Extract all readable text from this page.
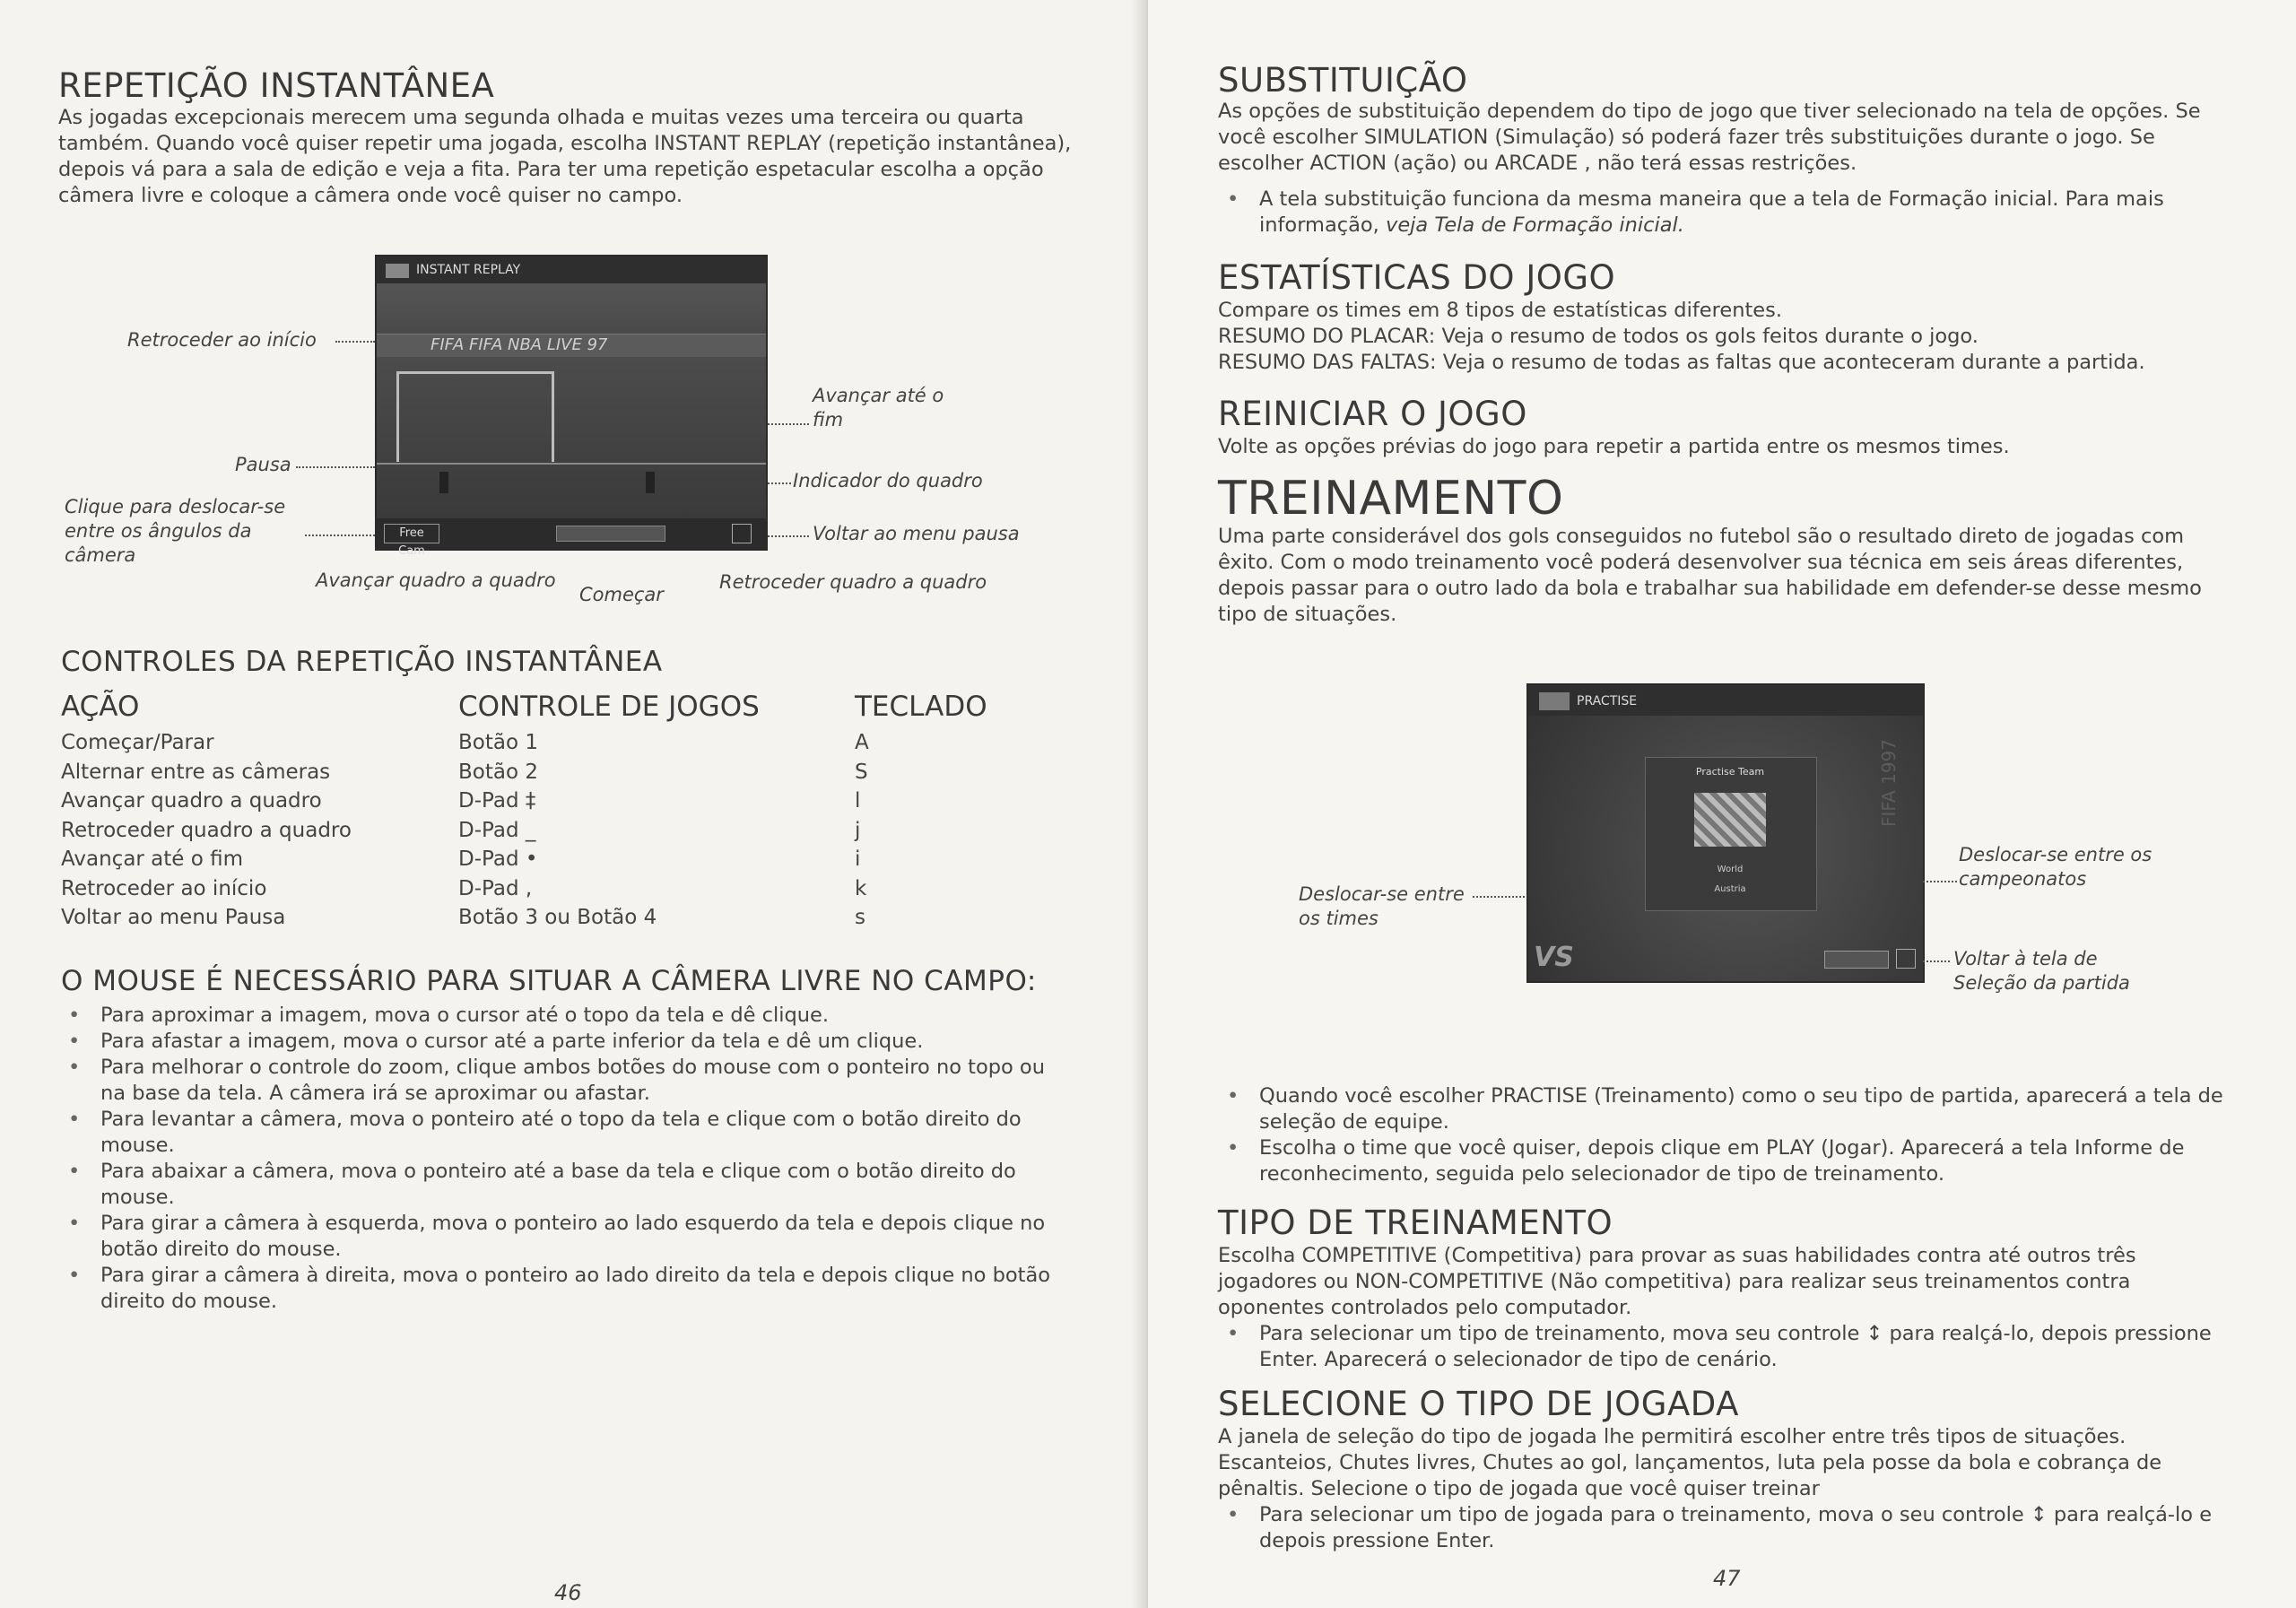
REPETIÇÃO INSTANTÂNEA

As jogadas excepcionais merecem uma segunda olhada e muitas vezes uma terceira ou quarta

também. Quando você quiser repetir uma jogada, escolha INSTANT REPLAY (repetição instantânea),

depois vá para a sala de edição e veja a fita. Para ter uma repetição espetacular escolha a opção

câmera livre e coloque a câmera onde você quiser no campo.

INSTANT REPLAY
FIFA FIFA NBA LIVE 97
Free Cam
Retroceder ao início
Pausa
Clique para deslocar-se
entre os ângulos da
câmera
Avançar quadro a quadro
Começar
Avançar até o
fim
Indicador do quadro
Voltar ao menu pausa
Retroceder quadro a quadro
CONTROLES DA REPETIÇÃO INSTANTÂNEA
AÇÃO	CONTROLE DE JOGOS	TECLADO
Começar/Parar
Alternar entre as câmeras
Avançar quadro a quadro
Retroceder quadro a quadro
Avançar até o fim
Retroceder ao início
Voltar ao menu Pausa
Botão 1
Botão 2
D-Pad ‡
D-Pad _
D-Pad •
D-Pad ,
Botão 3 ou Botão 4
A
S
l
j
i
k
s
O MOUSE É NECESSÁRIO PARA SITUAR A CÂMERA LIVRE NO CAMPO:
• Para aproximar a imagem, mova o cursor até o topo da tela e dê clique.
• Para afastar a imagem, mova o cursor até a parte inferior da tela e dê um clique.
• Para melhorar o controle do zoom, clique ambos botões do mouse com o ponteiro no topo ou
na base da tela. A câmera irá se aproximar ou afastar.
• Para levantar a câmera, mova o ponteiro até o topo da tela e clique com o botão direito do
mouse.
• Para abaixar a câmera, mova o ponteiro até a base da tela e clique com o botão direito do
mouse.
• Para girar a câmera à esquerda, mova o ponteiro ao lado esquerdo da tela e depois clique no
botão direito do mouse.
• Para girar a câmera à direita, mova o ponteiro ao lado direito da tela e depois clique no botão
direito do mouse.
46
SUBSTITUIÇÃO

As opções de substituição dependem do tipo de jogo que tiver selecionado na tela de opções. Se

você escolher SIMULATION (Simulação) só poderá fazer três substituições durante o jogo. Se

escolher ACTION (ação) ou ARCADE , não terá essas restrições.

• A tela substituição funciona da mesma maneira que a tela de Formação inicial. Para mais
informação, veja Tela de Formação inicial.
ESTATÍSTICAS DO JOGO

Compare os times em 8 tipos de estatísticas diferentes.

RESUMO DO PLACAR: Veja o resumo de todos os gols feitos durante o jogo.

RESUMO DAS FALTAS: Veja o resumo de todas as faltas que aconteceram durante a partida.

REINICIAR O JOGO

Volte as opções prévias do jogo para repetir a partida entre os mesmos times.

TREINAMENTO

Uma parte considerável dos gols conseguidos no futebol são o resultado direto de jogadas com

êxito. Com o modo treinamento você poderá desenvolver sua técnica em seis áreas diferentes,

depois passar para o outro lado da bola e trabalhar sua habilidade em defender-se desse mesmo

tipo de situações.

PRACTISE
Practise Team
World
Austria
FIFA 1997
VS
Deslocar-se entre
os times
Deslocar-se entre os
campeonatos
Voltar à tela de
Seleção da partida
• Quando você escolher PRACTISE (Treinamento) como o seu tipo de partida, aparecerá a tela de
seleção de equipe.
• Escolha o time que você quiser, depois clique em PLAY (Jogar). Aparecerá a tela Informe de
reconhecimento, seguida pelo selecionador de tipo de treinamento.
TIPO DE TREINAMENTO

Escolha COMPETITIVE (Competitiva) para provar as suas habilidades contra até outros três

jogadores ou NON-COMPETITIVE (Não competitiva) para realizar seus treinamentos contra

oponentes controlados pelo computador.

• Para selecionar um tipo de treinamento, mova seu controle ↕ para realçá-lo, depois pressione
Enter. Aparecerá o selecionador de tipo de cenário.
SELECIONE O TIPO DE JOGADA

A janela de seleção do tipo de jogada lhe permitirá escolher entre três tipos de situações.

Escanteios, Chutes livres, Chutes ao gol, lançamentos, luta pela posse da bola e cobrança de

pênaltis. Selecione o tipo de jogada que você quiser treinar

• Para selecionar um tipo de jogada para o treinamento, mova o seu controle ↕ para realçá-lo e
depois pressione Enter.
47
